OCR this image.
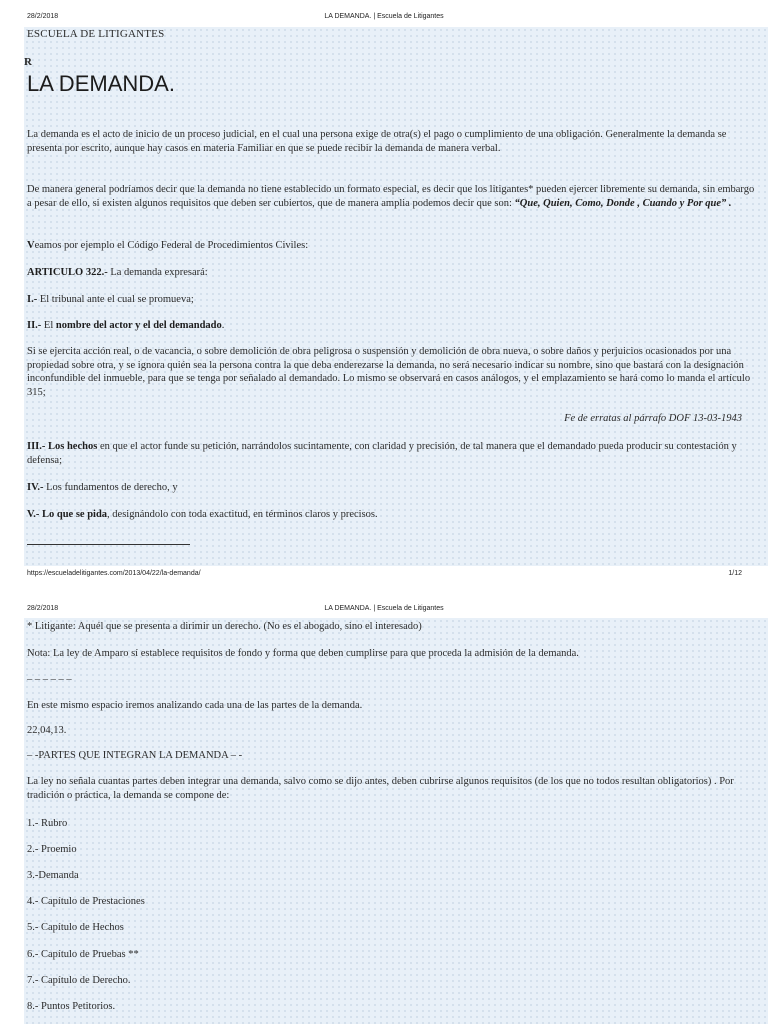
28/2/2018	LA DEMANDA. | Escuela de Litigantes
ESCUELA DE LITIGANTES
R
LA DEMANDA.
La demanda es el acto de inicio de un proceso judicial, en el cual una persona exige de otra(s) el pago o cumplimiento de una obligación. Generalmente la demanda se presenta por escrito, aunque hay casos en materia Familiar en que se puede recibir la demanda de manera verbal.
De manera general podríamos decir que la demanda no tiene establecido un formato especial, es decir que los litigantes* pueden ejercer libremente su demanda, sin embargo a pesar de ello, si existen algunos requisitos que deben ser cubiertos, que de manera amplia podemos decir que son: “Que, Quien, Como, Donde , Cuando y Por que” .
Veamos por ejemplo el Código Federal de Procedimientos Civiles:
ARTICULO 322.- La demanda expresará:
I.- El tribunal ante el cual se promueva;
II.- El nombre del actor y el del demandado.
Si se ejercita acción real, o de vacancia, o sobre demolición de obra peligrosa o suspensión y demolición de obra nueva, o sobre daños y perjuicios ocasionados por una propiedad sobre otra, y se ignora quién sea la persona contra la que deba enderezarse la demanda, no será necesario indicar su nombre, sino que bastará con la designación inconfundible del inmueble, para que se tenga por señalado al demandado. Lo mismo se observará en casos análogos, y el emplazamiento se hará como lo manda el artículo 315;
Fe de erratas al párrafo DOF 13-03-1943
III.- Los hechos en que el actor funde su petición, narrándolos sucintamente, con claridad y precisión, de tal manera que el demandado pueda producir su contestación y defensa;
IV.- Los fundamentos de derecho, y
V.- Lo que se pida, designándolo con toda exactitud, en términos claros y precisos.
https://escueladelitigantes.com/2013/04/22/la-demanda/	1/12
28/2/2018	LA DEMANDA. | Escuela de Litigantes
* Litigante: Aquél que se presenta a dirimir un derecho. (No es el abogado, sino el interesado)
Nota: La ley de Amparo sí establece requisitos de fondo y forma que deben cumplirse para que proceda la admisión de la demanda.
– – – – – –
En este mismo espacio iremos analizando cada una de las partes de la demanda.
22,04,13.
– -PARTES QUE INTEGRAN LA DEMANDA – -
La ley no señala cuantas partes deben integrar una demanda, salvo como se dijo antes, deben cubrirse algunos requisitos (de los que no todos resultan obligatorios) . Por tradición o práctica, la demanda se compone de:
1.- Rubro
2.- Proemio
3.-Demanda
4.- Capítulo de Prestaciones
5.- Capítulo de Hechos
6.- Capítulo de Pruebas **
7.- Capítulo de Derecho.
8.- Puntos Petitorios.
